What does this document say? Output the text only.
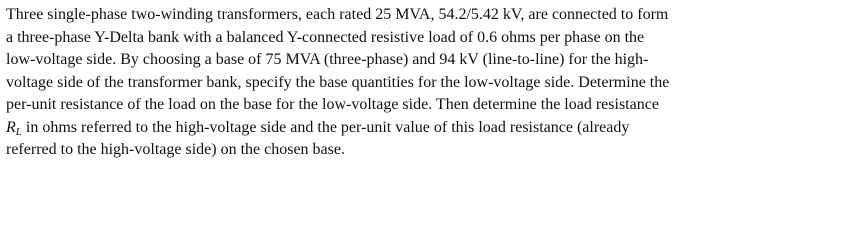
Three single-phase two-winding transformers, each rated 25 MVA, 54.2/5.42 kV, are connected to form
a three-phase Y-Delta bank with a balanced Y-connected resistive load of 0.6 ohms per phase on the
low-voltage side. By choosing a base of 75 MVA (three-phase) and 94 kV (line-to-line) for the high-
voltage side of the transformer bank, specify the base quantities for the low-voltage side. Determine the
per-unit resistance of the load on the base for the low-voltage side. Then determine the load resistance
$R_L$ in ohms referred to the high-voltage side and the per-unit value of this load resistance (already
referred to the high-voltage side) on the chosen base.
